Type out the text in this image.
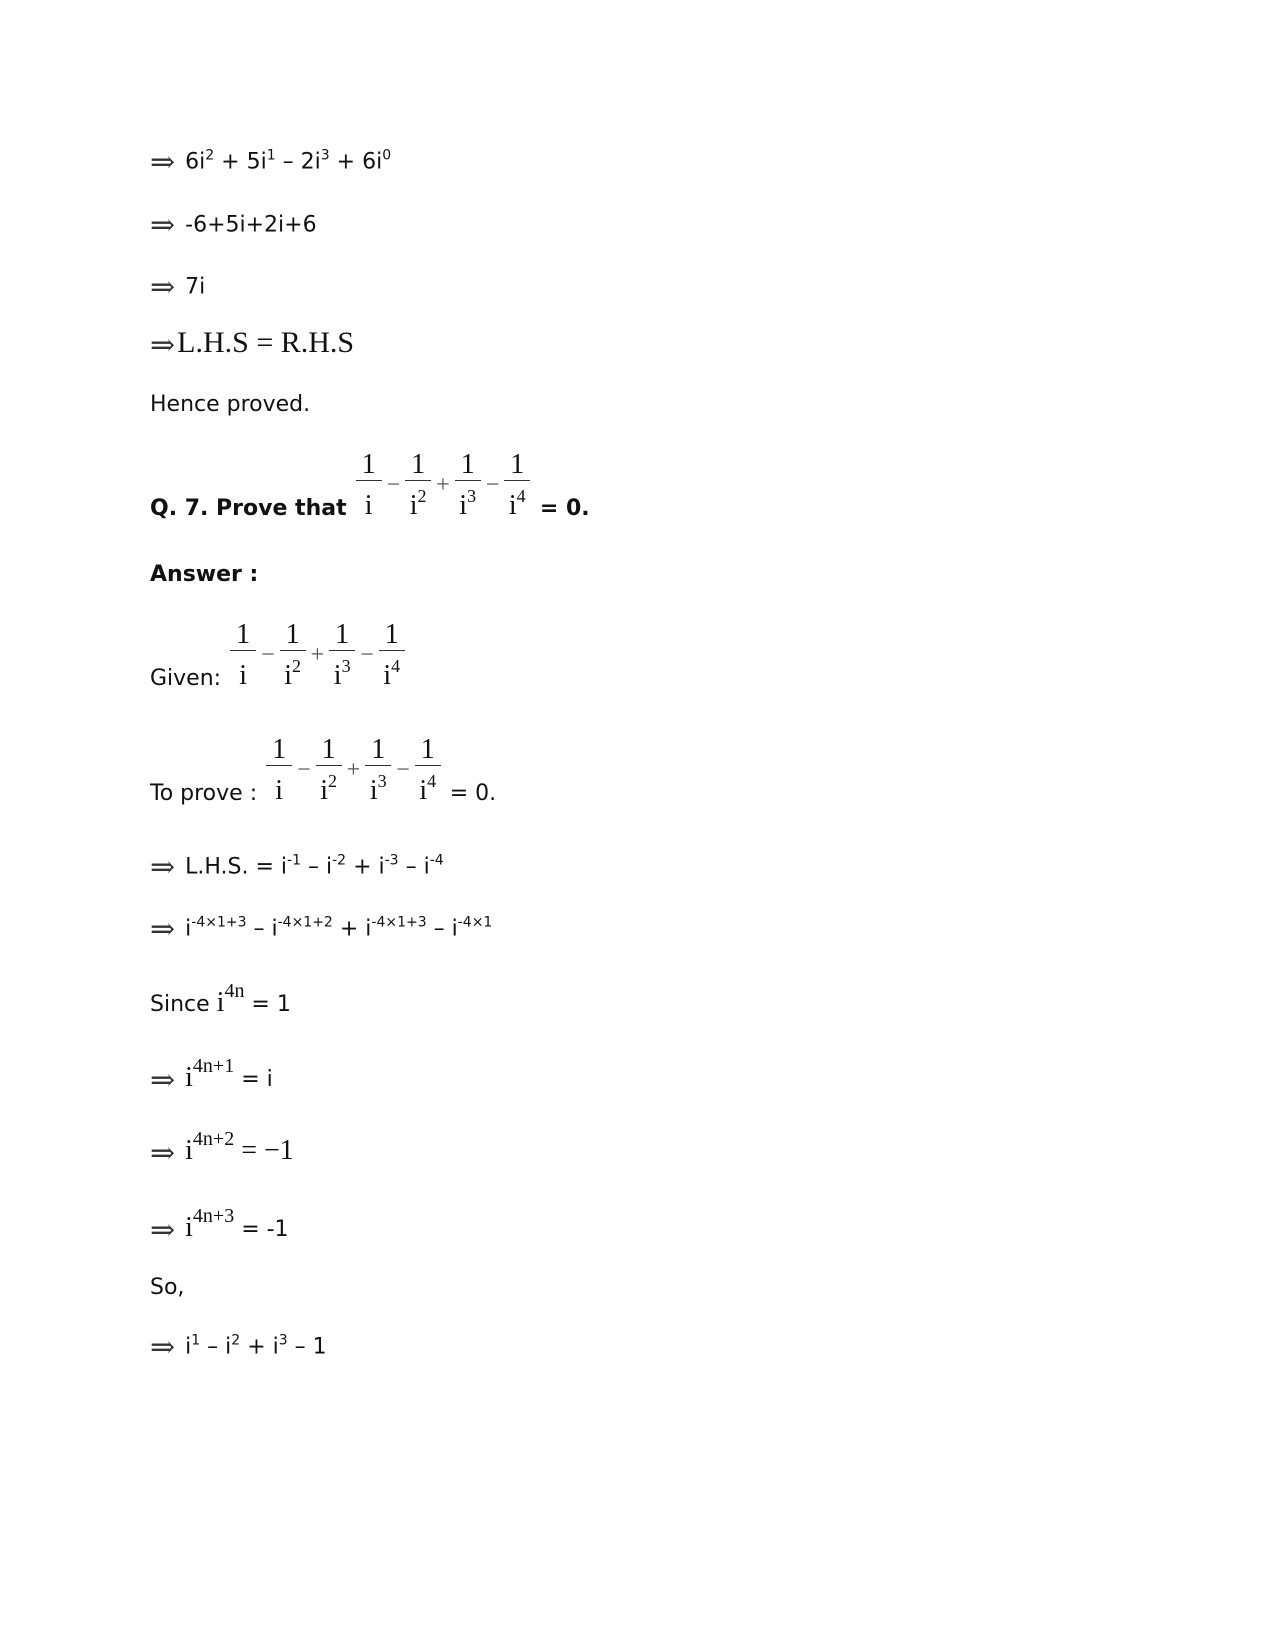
⇒ $6i^2 + 5i^1 - 2i^3 + 6i^0$
⇒ -6+5i+2i+6
⇒ 7i
⇒L.H.S = R.H.S
Hence proved.
Q. 7. Prove that $\frac{1}{i} - \frac{1}{i^2} + \frac{1}{i^3} - \frac{1}{i^4} = 0$.
Answer :
Given: $\frac{1}{i} - \frac{1}{i^2} + \frac{1}{i^3} - \frac{1}{i^4}$
To prove : $\frac{1}{i} - \frac{1}{i^2} + \frac{1}{i^3} - \frac{1}{i^4} = 0$.
⇒ L.H.S. = $i^{-1} - i^{-2} + i^{-3} - i^{-4}$
⇒ $i^{-4\times 1+3} - i^{-4\times 1+2} + i^{-4\times 1+3} - i^{-4\times 1}$
Since $i^{4n} = 1$
⇒ $i^{4n+1} = i$
⇒ $i^{4n+2} = -1$
⇒ $i^{4n+3} = -1$
So,
⇒ $i^1 - i^2 + i^3 - 1$
